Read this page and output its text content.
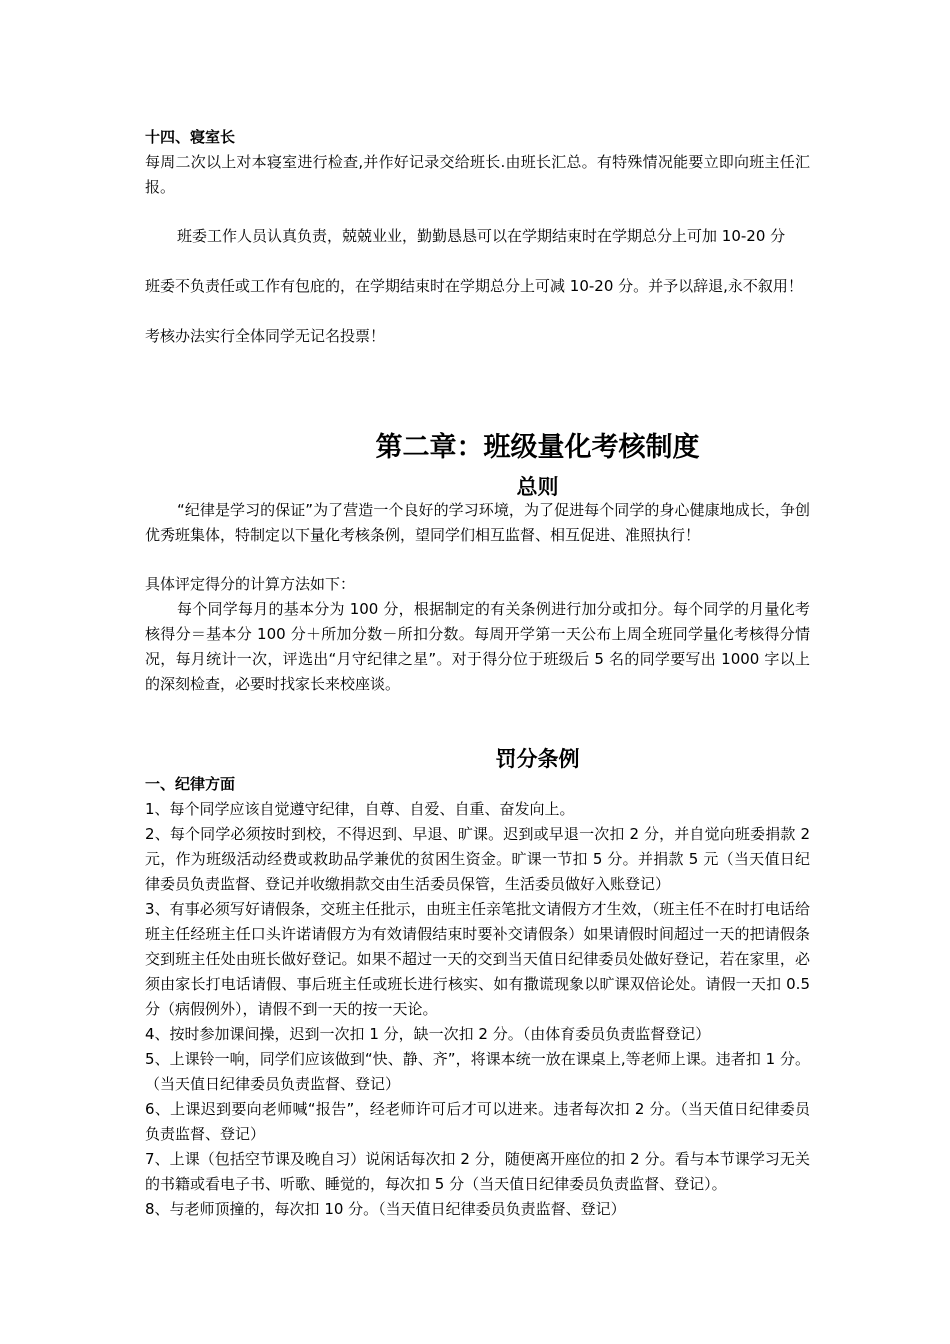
十四、寝室长
每周二次以上对本寝室进行检查,并作好记录交给班长.由班长汇总。有特殊情况能要立即向班主任汇报。
班委工作人员认真负责，兢兢业业，勤勤恳恳可以在学期结束时在学期总分上可加 10-20 分
班委不负责任或工作有包庇的，在学期结束时在学期总分上可减 10-20 分。并予以辞退,永不叙用！
考核办法实行全体同学无记名投票！
第二章：班级量化考核制度
总则
“纪律是学习的保证”为了营造一个良好的学习环境，为了促进每个同学的身心健康地成长，争创优秀班集体，特制定以下量化考核条例，望同学们相互监督、相互促进、准照执行！
具体评定得分的计算方法如下：
每个同学每月的基本分为 100 分，根据制定的有关条例进行加分或扣分。每个同学的月量化考核得分＝基本分 100 分＋所加分数－所扣分数。每周开学第一天公布上周全班同学量化考核得分情况，每月统计一次，评选出“月守纪律之星”。对于得分位于班级后 5 名的同学要写出 1000 字以上的深刻检查，必要时找家长来校座谈。
罚分条例
一、纪律方面

1、每个同学应该自觉遵守纪律，自尊、自爱、自重、奋发向上。

2、每个同学必须按时到校，不得迟到、早退、旷课。迟到或早退一次扣 2 分，并自觉向班委捐款 2 元，作为班级活动经费或救助品学兼优的贫困生资金。旷课一节扣 5 分。并捐款 5 元（当天值日纪律委员负责监督、登记并收缴捐款交由生活委员保管，生活委员做好入账登记）

3、有事必须写好请假条，交班主任批示，由班主任亲笔批文请假方才生效，（班主任不在时打电话给班主任经班主任口头许诺请假方为有效请假结束时要补交请假条）如果请假时间超过一天的把请假条交到班主任处由班长做好登记。如果不超过一天的交到当天值日纪律委员处做好登记，若在家里，必须由家长打电话请假、事后班主任或班长进行核实、如有撒谎现象以旷课双倍论处。请假一天扣 0.5 分（病假例外），请假不到一天的按一天论。

4、按时参加课间操，迟到一次扣 1 分，缺一次扣 2 分。（由体育委员负责监督登记）

5、上课铃一响，同学们应该做到“快、静、齐”，将课本统一放在课桌上,等老师上课。违者扣 1 分。（当天值日纪律委员负责监督、登记）

6、上课迟到要向老师喊“报告”，经老师许可后才可以进来。违者每次扣 2 分。（当天值日纪律委员负责监督、登记）

7、上课（包括空节课及晚自习）说闲话每次扣 2 分，随便离开座位的扣 2 分。看与本节课学习无关的书籍或看电子书、听歌、睡觉的，每次扣 5 分（当天值日纪律委员负责监督、登记）。

8、与老师顶撞的，每次扣 10 分。（当天值日纪律委员负责监督、登记）
